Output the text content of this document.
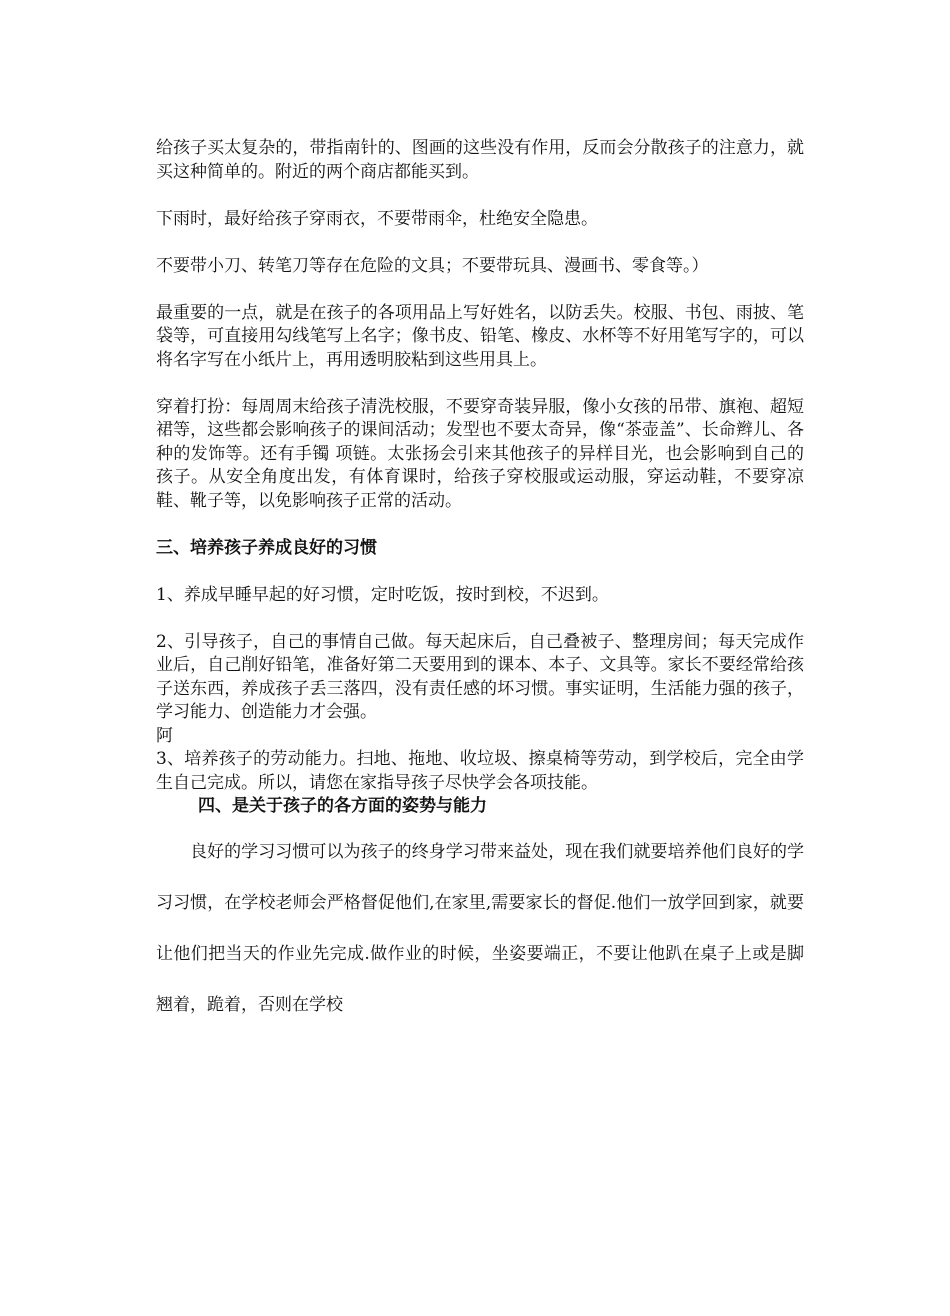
给孩子买太复杂的，带指南针的、图画的这些没有作用，反而会分散孩子的注意力，就买这种简单的。附近的两个商店都能买到。

下雨时，最好给孩子穿雨衣，不要带雨伞，杜绝安全隐患。

不要带小刀、转笔刀等存在危险的文具；不要带玩具、漫画书、零食等。）

最重要的一点，就是在孩子的各项用品上写好姓名，以防丢失。校服、书包、雨披、笔袋等，可直接用勾线笔写上名字；像书皮、铅笔、橡皮、水杯等不好用笔写字的，可以将名字写在小纸片上，再用透明胶粘到这些用具上。

穿着打扮：每周周末给孩子清洗校服，不要穿奇装异服，像小女孩的吊带、旗袍、超短裙等，这些都会影响孩子的课间活动；发型也不要太奇异，像“茶壶盖”、长命辫儿、各种的发饰等。还有手镯 项链。太张扬会引来其他孩子的异样目光，也会影响到自己的孩子。从安全角度出发，有体育课时，给孩子穿校服或运动服，穿运动鞋，不要穿凉鞋、靴子等，以免影响孩子正常的活动。

三、培养孩子养成良好的习惯

1、养成早睡早起的好习惯，定时吃饭，按时到校，不迟到。

2、引导孩子，自己的事情自己做。每天起床后，自己叠被子、整理房间；每天完成作业后，自己削好铅笔，准备好第二天要用到的课本、本子、文具等。家长不要经常给孩子送东西，养成孩子丢三落四，没有责任感的坏习惯。事实证明，生活能力强的孩子，学习能力、创造能力才会强。

阿

3、培养孩子的劳动能力。扫地、拖地、收垃圾、擦桌椅等劳动，到学校后，完全由学生自己完成。所以，请您在家指导孩子尽快学会各项技能。

四、是关于孩子的各方面的姿势与能力

良好的学习习惯可以为孩子的终身学习带来益处，现在我们就要培养他们良好的学习习惯，在学校老师会严格督促他们,在家里,需要家长的督促.他们一放学回到家，就要让他们把当天的作业先完成.做作业的时候，坐姿要端正，不要让他趴在桌子上或是脚翘着，跪着，否则在学校
